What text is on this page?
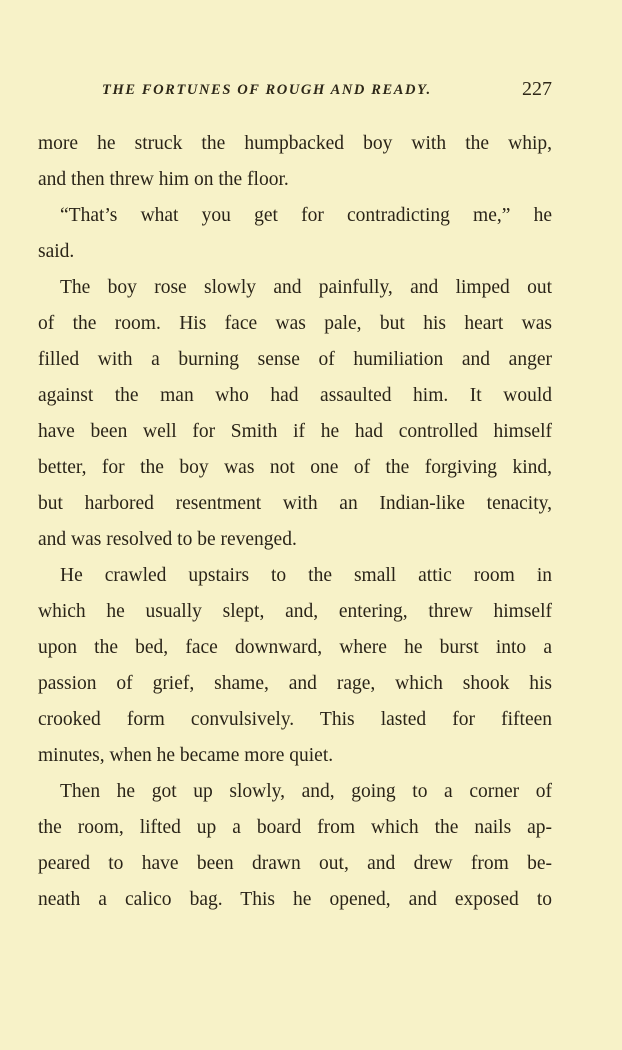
THE FORTUNES OF ROUGH AND READY.	227
more he struck the humpbacked boy with the whip,
and then threw him on the floor.
“That’s what you get for contradicting me,” he
said.
The boy rose slowly and painfully, and limped out
of the room. His face was pale, but his heart was
filled with a burning sense of humiliation and anger
against the man who had assaulted him. It would
have been well for Smith if he had controlled himself
better, for the boy was not one of the forgiving kind,
but harbored resentment with an Indian-like tenacity,
and was resolved to be revenged.
He crawled upstairs to the small attic room in
which he usually slept, and, entering, threw himself
upon the bed, face downward, where he burst into a
passion of grief, shame, and rage, which shook his
crooked form convulsively. This lasted for fifteen
minutes, when he became more quiet.
Then he got up slowly, and, going to a corner of
the room, lifted up a board from which the nails ap-
peared to have been drawn out, and drew from be-
neath a calico bag. This he opened, and exposed to
